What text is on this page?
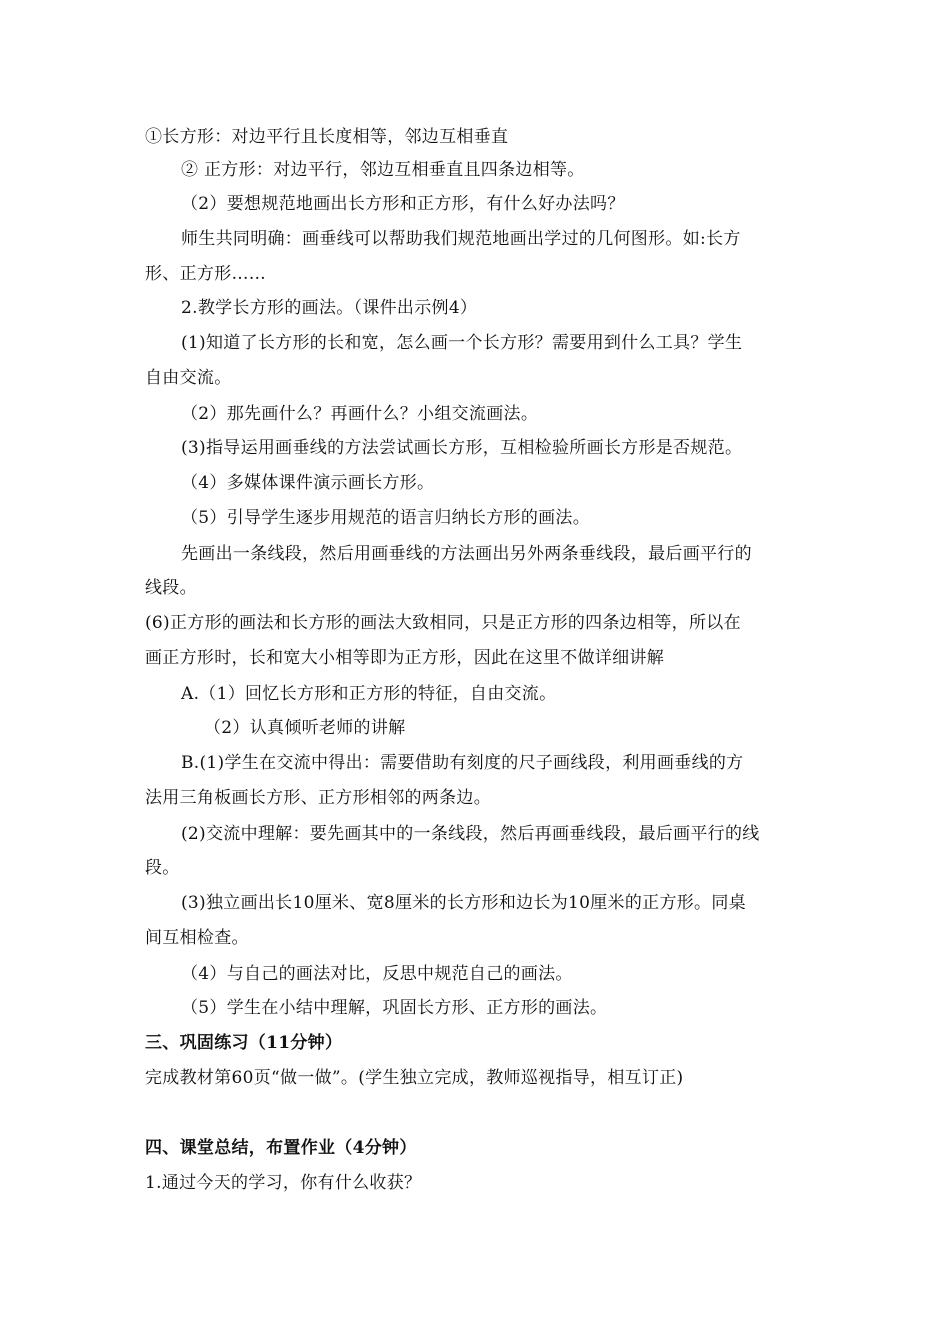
①长方形：对边平行且长度相等，邻边互相垂直
② 正方形：对边平行，邻边互相垂直且四条边相等。
（2）要想规范地画出长方形和正方形，有什么好办法吗？
师生共同明确：画垂线可以帮助我们规范地画出学过的几何图形。如:长方
形、正方形……
2.教学长方形的画法。（课件出示例4）
(1)知道了长方形的长和宽，怎么画一个长方形？需要用到什么工具？学生
自由交流。
（2）那先画什么？再画什么？小组交流画法。
(3)指导运用画垂线的方法尝试画长方形，互相检验所画长方形是否规范。
（4）多媒体课件演示画长方形。
（5）引导学生逐步用规范的语言归纳长方形的画法。
先画出一条线段，然后用画垂线的方法画出另外两条垂线段，最后画平行的
线段。
(6)正方形的画法和长方形的画法大致相同，只是正方形的四条边相等，所以在
画正方形时，长和宽大小相等即为正方形，因此在这里不做详细讲解
A.（1）回忆长方形和正方形的特征，自由交流。
（2）认真倾听老师的讲解
B.(1)学生在交流中得出：需要借助有刻度的尺子画线段，利用画垂线的方
法用三角板画长方形、正方形相邻的两条边。
(2)交流中理解：要先画其中的一条线段，然后再画垂线段，最后画平行的线
段。
(3)独立画出长10厘米、宽8厘米的长方形和边长为10厘米的正方形。同桌
间互相检查。
（4）与自己的画法对比，反思中规范自己的画法。
（5）学生在小结中理解，巩固长方形、正方形的画法。
三、巩固练习（11分钟）
完成教材第60页“做一做”。(学生独立完成，教师巡视指导，相互订正)
四、课堂总结，布置作业（4分钟）
1.通过今天的学习，你有什么收获？
